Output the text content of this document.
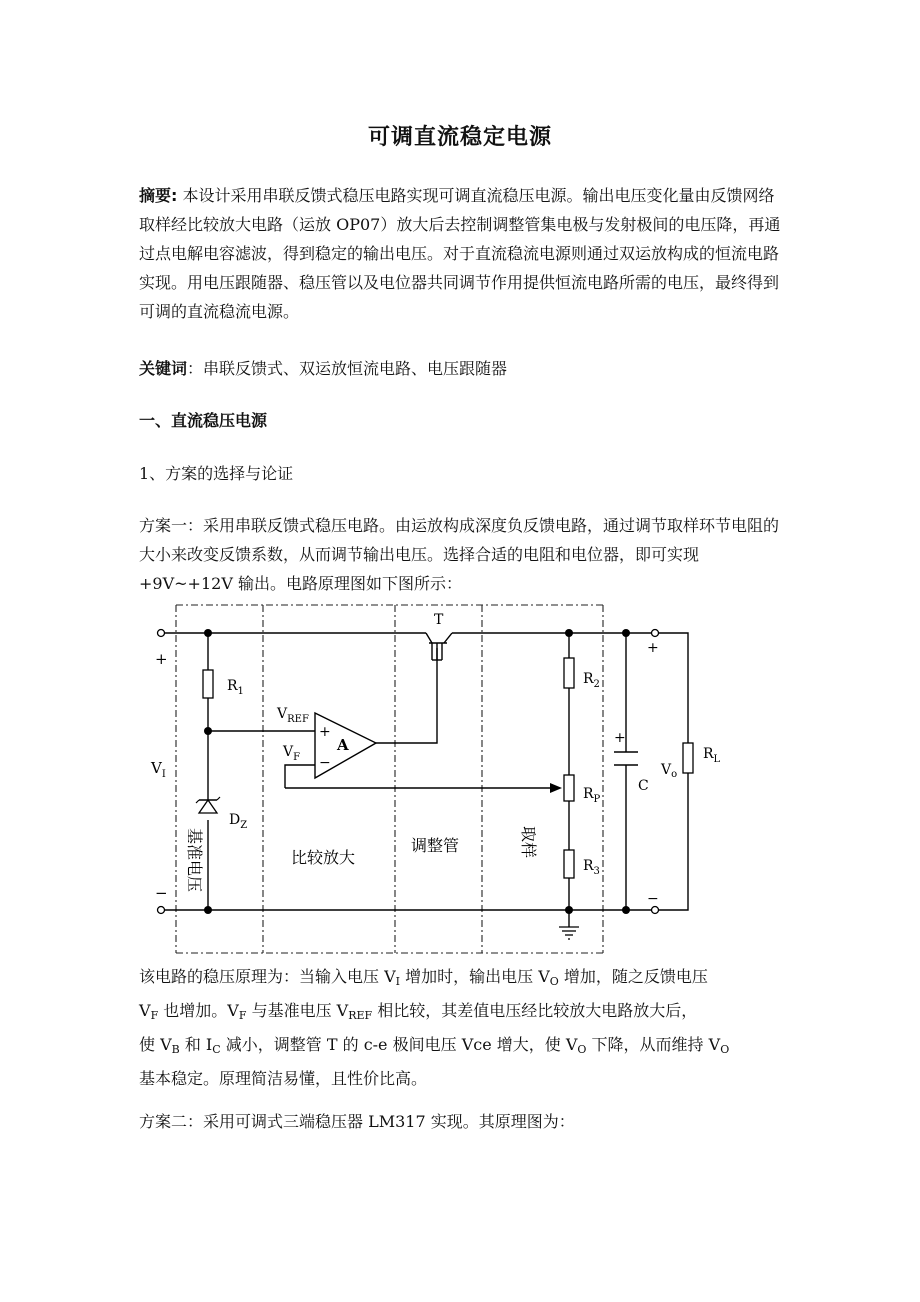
可调直流稳定电源
摘要: 本设计采用串联反馈式稳压电路实现可调直流稳压电源。输出电压变化量由反馈网络取样经比较放大电路（运放 OP07）放大后去控制调整管集电极与发射极间的电压降，再通过点电解电容滤波，得到稳定的输出电压。对于直流稳流电源则通过双运放构成的恒流电路实现。用电压跟随器、稳压管以及电位器共同调节作用提供恒流电路所需的电压，最终得到可调的直流稳流电源。
关键词：串联反馈式、双运放恒流电路、电压跟随器
一、直流稳压电源
1、方案的选择与论证
方案一：采用串联反馈式稳压电路。由运放构成深度负反馈电路，通过调节取样环节电阻的大小来改变反馈系数，从而调节输出电压。选择合适的电阻和电位器，即可实现+9V~+12V 输出。电路原理图如下图所示：
T
+
−
+
−
$R_1$
$V_{REF}$
$V_F$
A
+
−
$V_I$
$D_Z$
$R_2$
$R_P$
$R_3$
+
C
$V_o$
$R_L$
基准电压	比较放大
调整管	取样
该电路的稳压原理为：当输入电压 $V_I$ 增加时，输出电压 $V_O$ 增加，随之反馈电压
$V_F$ 也增加。$V_F$ 与基准电压 $V_{REF}$ 相比较，其差值电压经比较放大电路放大后，
使 $V_B$ 和 $I_C$ 减小，调整管 T 的 c-e 极间电压 Vce 增大，使 $V_O$ 下降，从而维持 $V_O$
基本稳定。原理简洁易懂，且性价比高。
方案二：采用可调式三端稳压器 LM317 实现。其原理图为：
